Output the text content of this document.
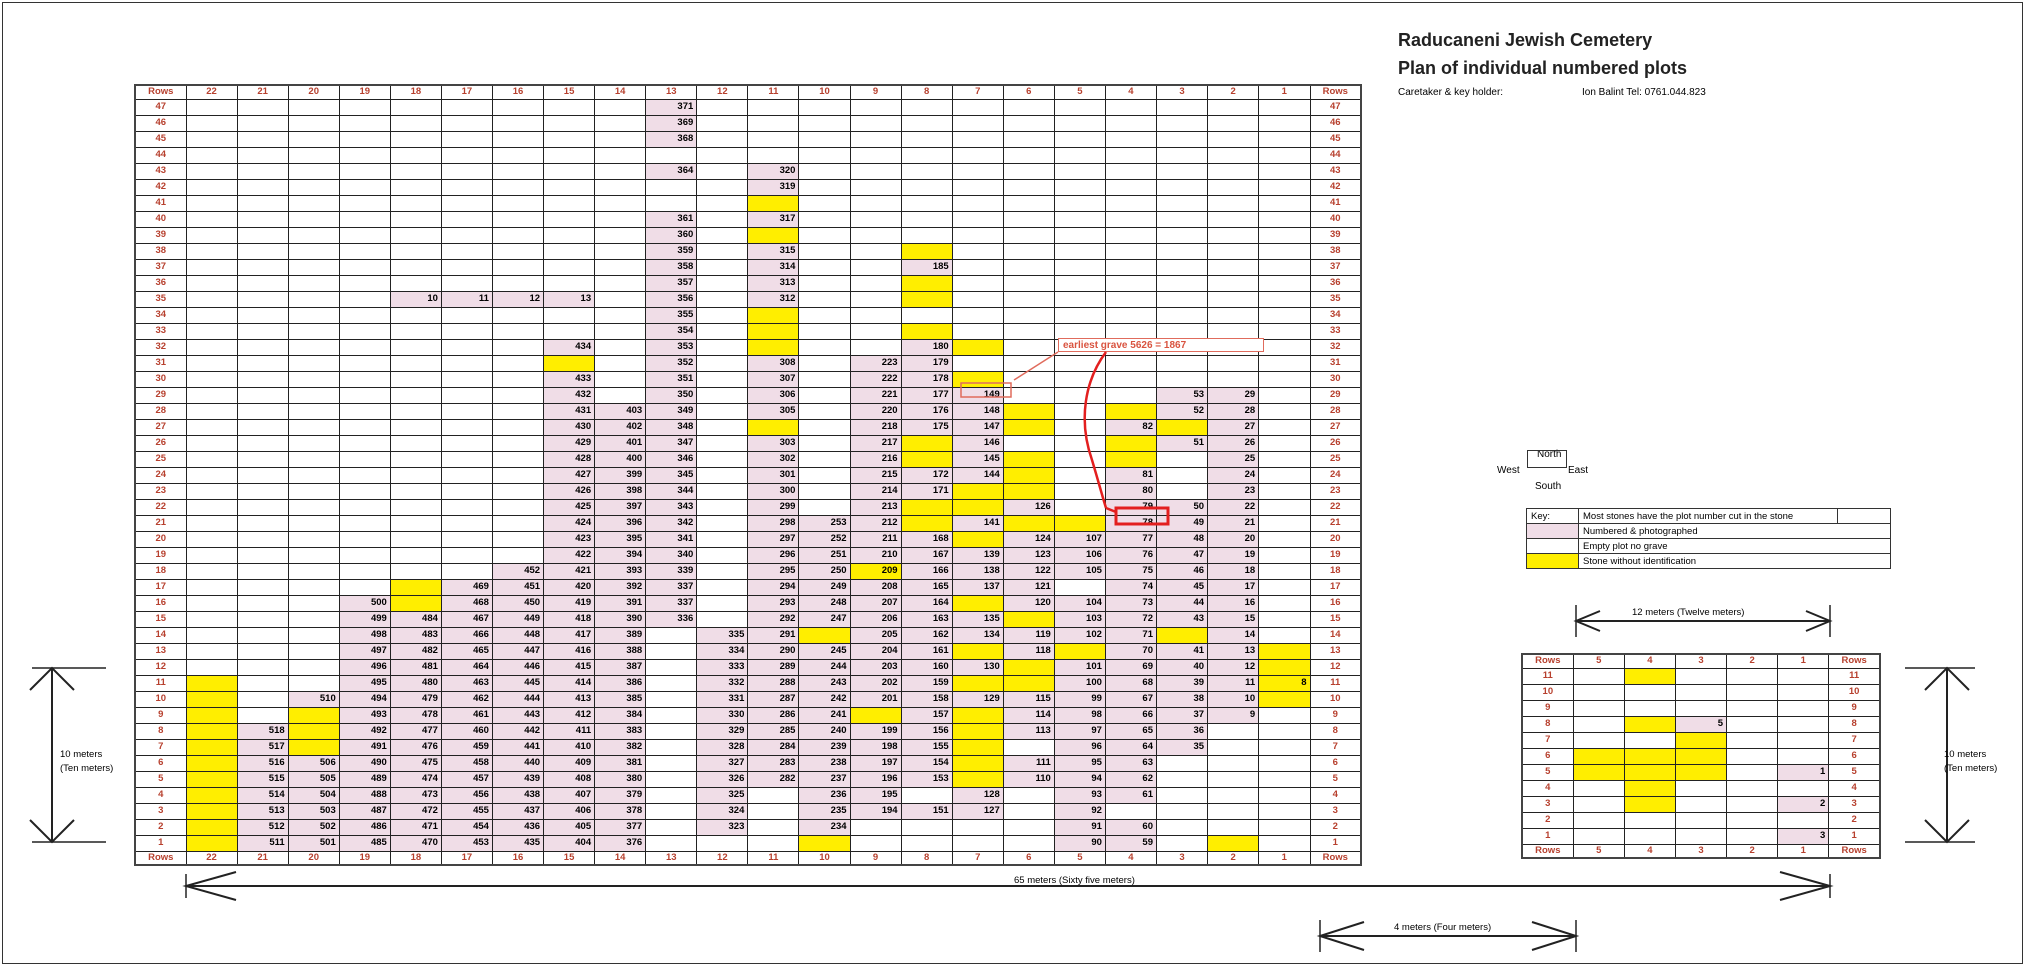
Raducaneni Jewish Cemetery
Plan of individual numbered plots
Caretaker & key holder:	Ion Balint Tel: 0761.044.823
Rows	22	21	20	19	18	17	16	15	14	13	12	11	10	9	8	7	6	5	4	3	2	1	Rows
47										371													47
46										369													46
45										368													45
44																							44
43										364		320											43
42												319											42
41																							41
40										361		317											40
39										360													39
38										359		315											38
37										358		314			185								37
36										357		313											36
35					10	11	12	13		356		312											35
34										355													34
33										354													33
32								434		353					180								32
31										352		308		223	179								31
30								433		351		307		222	178								30
29								432		350		306		221	177	149				53	29		29
28								431	403	349		305		220	176	148				52	28		28
27								430	402	348				218	175	147			82		27		27
26								429	401	347		303		217		146				51	26		26
25								428	400	346		302		216		145					25		25
24								427	399	345		301		215	172	144			81		24		24
23								426	398	344		300		214	171				80		23		23
22								425	397	343		299		213			126		79	50	22		22
21								424	396	342		298	253	212		141			78	49	21		21
20								423	395	341		297	252	211	168		124	107	77	48	20		20
19								422	394	340		296	251	210	167	139	123	106	76	47	19		19
18							452	421	393	339		295	250	209	166	138	122	105	75	46	18		18
17						469	451	420	392	337		294	249	208	165	137	121		74	45	17		17
16				500		468	450	419	391	337		293	248	207	164		120	104	73	44	16		16
15				499	484	467	449	418	390	336		292	247	206	163	135		103	72	43	15		15
14				498	483	466	448	417	389		335	291		205	162	134	119	102	71		14		14
13				497	482	465	447	416	388		334	290	245	204	161		118		70	41	13		13
12				496	481	464	446	415	387		333	289	244	203	160	130		101	69	40	12		12
11				495	480	463	445	414	386		332	288	243	202	159			100	68	39	11	8	11
10			510	494	479	462	444	413	385		331	287	242	201	158	129	115	99	67	38	10		10
9				493	478	461	443	412	384		330	286	241		157		114	98	66	37	9		9
8		518		492	477	460	442	411	383		329	285	240	199	156		113	97	65	36			8
7		517		491	476	459	441	410	382		328	284	239	198	155			96	64	35			7
6		516	506	490	475	458	440	409	381		327	283	238	197	154		111	95	63				6
5		515	505	489	474	457	439	408	380		326	282	237	196	153		110	94	62				5
4		514	504	488	473	456	438	407	379		325		236	195		128		93	61				4
3		513	503	487	472	455	437	406	378		324		235	194	151	127		92					3
2		512	502	486	471	454	436	405	377		323		234					91	60				2
1		511	501	485	470	453	435	404	376									90	59				1
Rows	22	21	20	19	18	17	16	15	14	13	12	11	10	9	8	7	6	5	4	3	2	1	Rows
Rows	5	4	3	2	1	Rows
11						11
10						10
9						9
8			5			8
7						7
6						6
5					1	5
4						4
3					2	3
2						2
1					3	1
Rows	5	4	3	2	1	Rows
North
West	East
South
Key:	Most stones have the plot number cut in the stone	
	Numbered & photographed	
	Empty plot no grave	
	Stone without identification	
earliest grave 5626 = 1867
10 meters
(Ten meters)
10 meters
(Ten meters)
65 meters (Sixty five meters)
12 meters (Twelve meters)
4 meters (Four meters)
